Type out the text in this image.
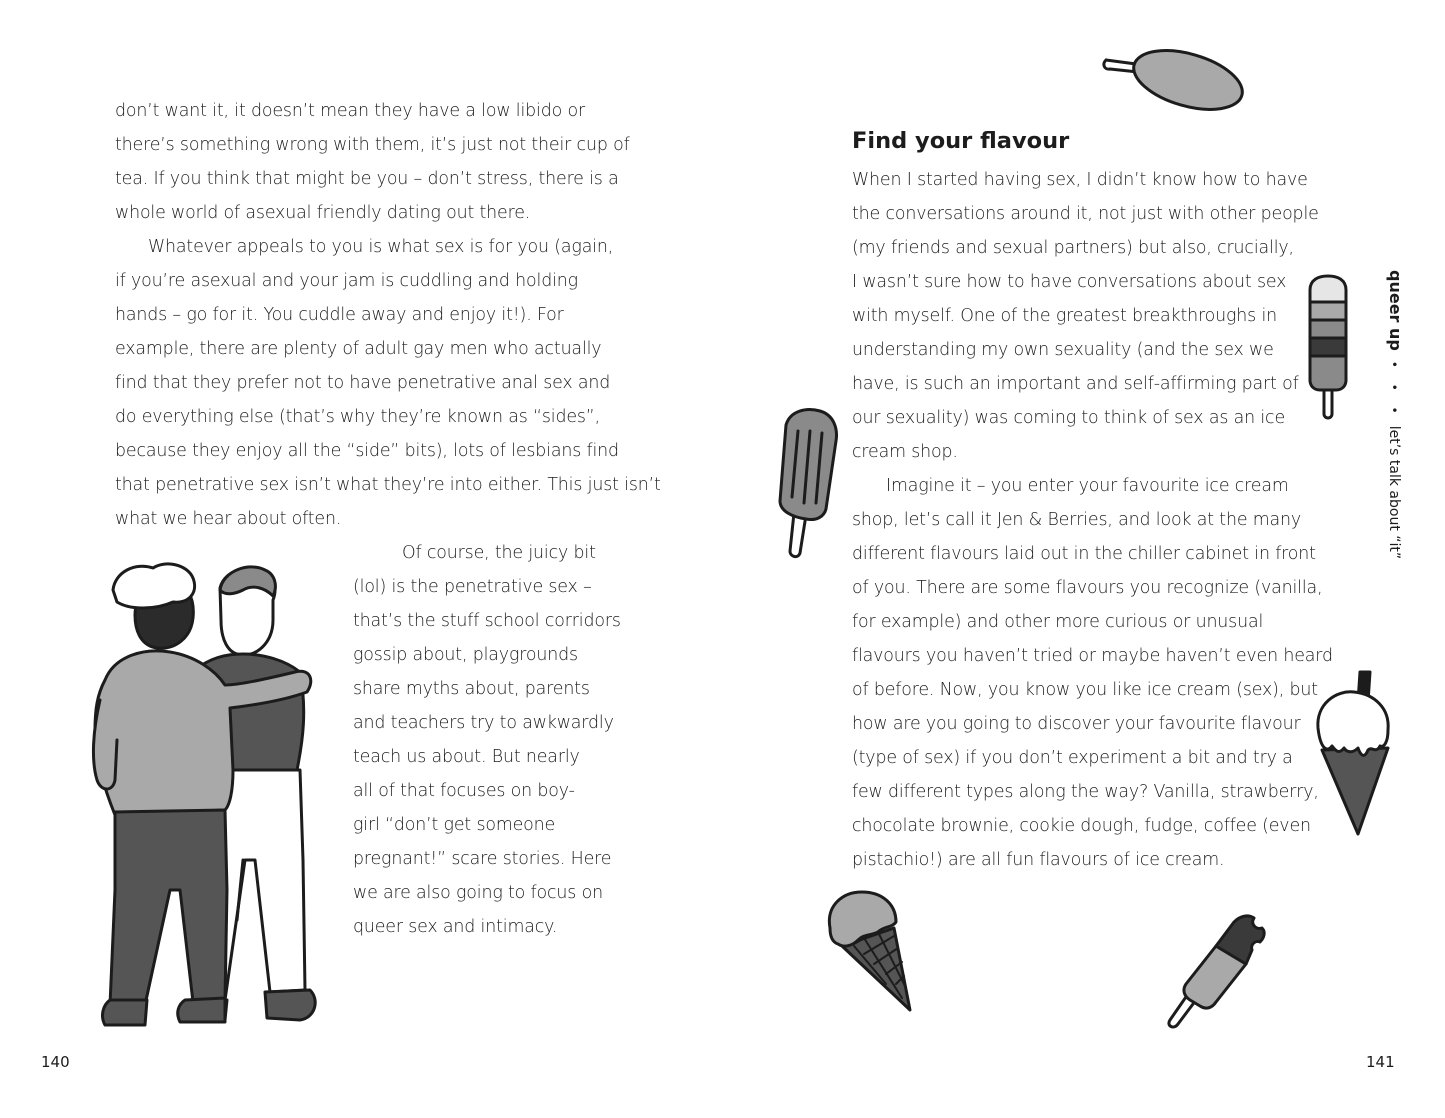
don’t want it, it doesn’t mean they have a low libido or
there’s something wrong with them, it’s just not their cup of
tea. If you think that might be you – don’t stress, there is a
whole world of asexual friendly dating out there.
Whatever appeals to you is what sex is for you (again,
if you’re asexual and your jam is cuddling and holding
hands – go for it. You cuddle away and enjoy it!). For
example, there are plenty of adult gay men who actually
find that they prefer not to have penetrative anal sex and
do everything else (that’s why they’re known as “sides”,
because they enjoy all the “side” bits), lots of lesbians find
that penetrative sex isn’t what they’re into either. This just isn’t
what we hear about often.
Of course, the juicy bit
(lol) is the penetrative sex –
that’s the stuff school corridors
gossip about, playgrounds
share myths about, parents
and teachers try to awkwardly
teach us about. But nearly
all of that focuses on boy-
girl “don’t get someone
pregnant!” scare stories. Here
we are also going to focus on
queer sex and intimacy.
140
Find your flavour
When I started having sex, I didn’t know how to have
the conversations around it, not just with other people
(my friends and sexual partners) but also, crucially,
I wasn’t sure how to have conversations about sex
with myself. One of the greatest breakthroughs in
understanding my own sexuality (and the sex we
have, is such an important and self-affirming part of
our sexuality) was coming to think of sex as an ice
cream shop.
Imagine it – you enter your favourite ice cream
shop, let’s call it Jen & Berries, and look at the many
different flavours laid out in the chiller cabinet in front
of you. There are some flavours you recognize (vanilla,
for example) and other more curious or unusual
flavours you haven’t tried or maybe haven’t even heard
of before. Now, you know you like ice cream (sex), but
how are you going to discover your favourite flavour
(type of sex) if you don’t experiment a bit and try a
few different types along the way? Vanilla, strawberry,
chocolate brownie, cookie dough, fudge, coffee (even
pistachio!) are all fun flavours of ice cream.
queer up• • •let’s talk about “it”
141
